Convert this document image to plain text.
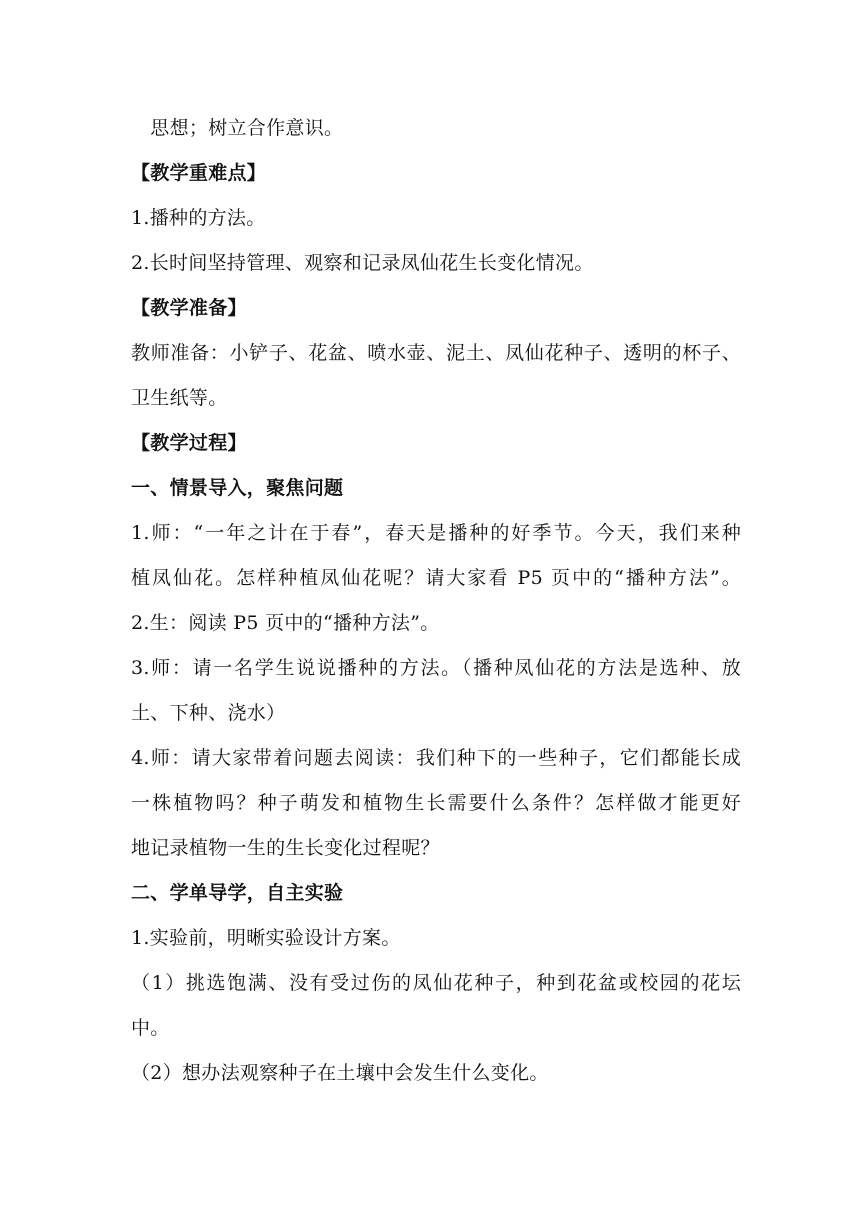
　思想；树立合作意识。
【教学重难点】
1.播种的方法。
2.长时间坚持管理、观察和记录凤仙花生长变化情况。
【教学准备】
教师准备：小铲子、花盆、喷水壶、泥土、凤仙花种子、透明的杯子、
卫生纸等。
【教学过程】
一、情景导入，聚焦问题
1.师：“一年之计在于春”，春天是播种的好季节。今天，我们来种
植凤仙花。怎样种植凤仙花呢？请大家看 P5 页中的“播种方法”。
2.生：阅读 P5 页中的“播种方法”。
3.师：请一名学生说说播种的方法。（播种凤仙花的方法是选种、放
土、下种、浇水）
4.师：请大家带着问题去阅读：我们种下的一些种子，它们都能长成
一株植物吗？种子萌发和植物生长需要什么条件？怎样做才能更好
地记录植物一生的生长变化过程呢？
二、学单导学，自主实验
1.实验前，明晰实验设计方案。
（1）挑选饱满、没有受过伤的凤仙花种子，种到花盆或校园的花坛
中。
（2）想办法观察种子在土壤中会发生什么变化。
